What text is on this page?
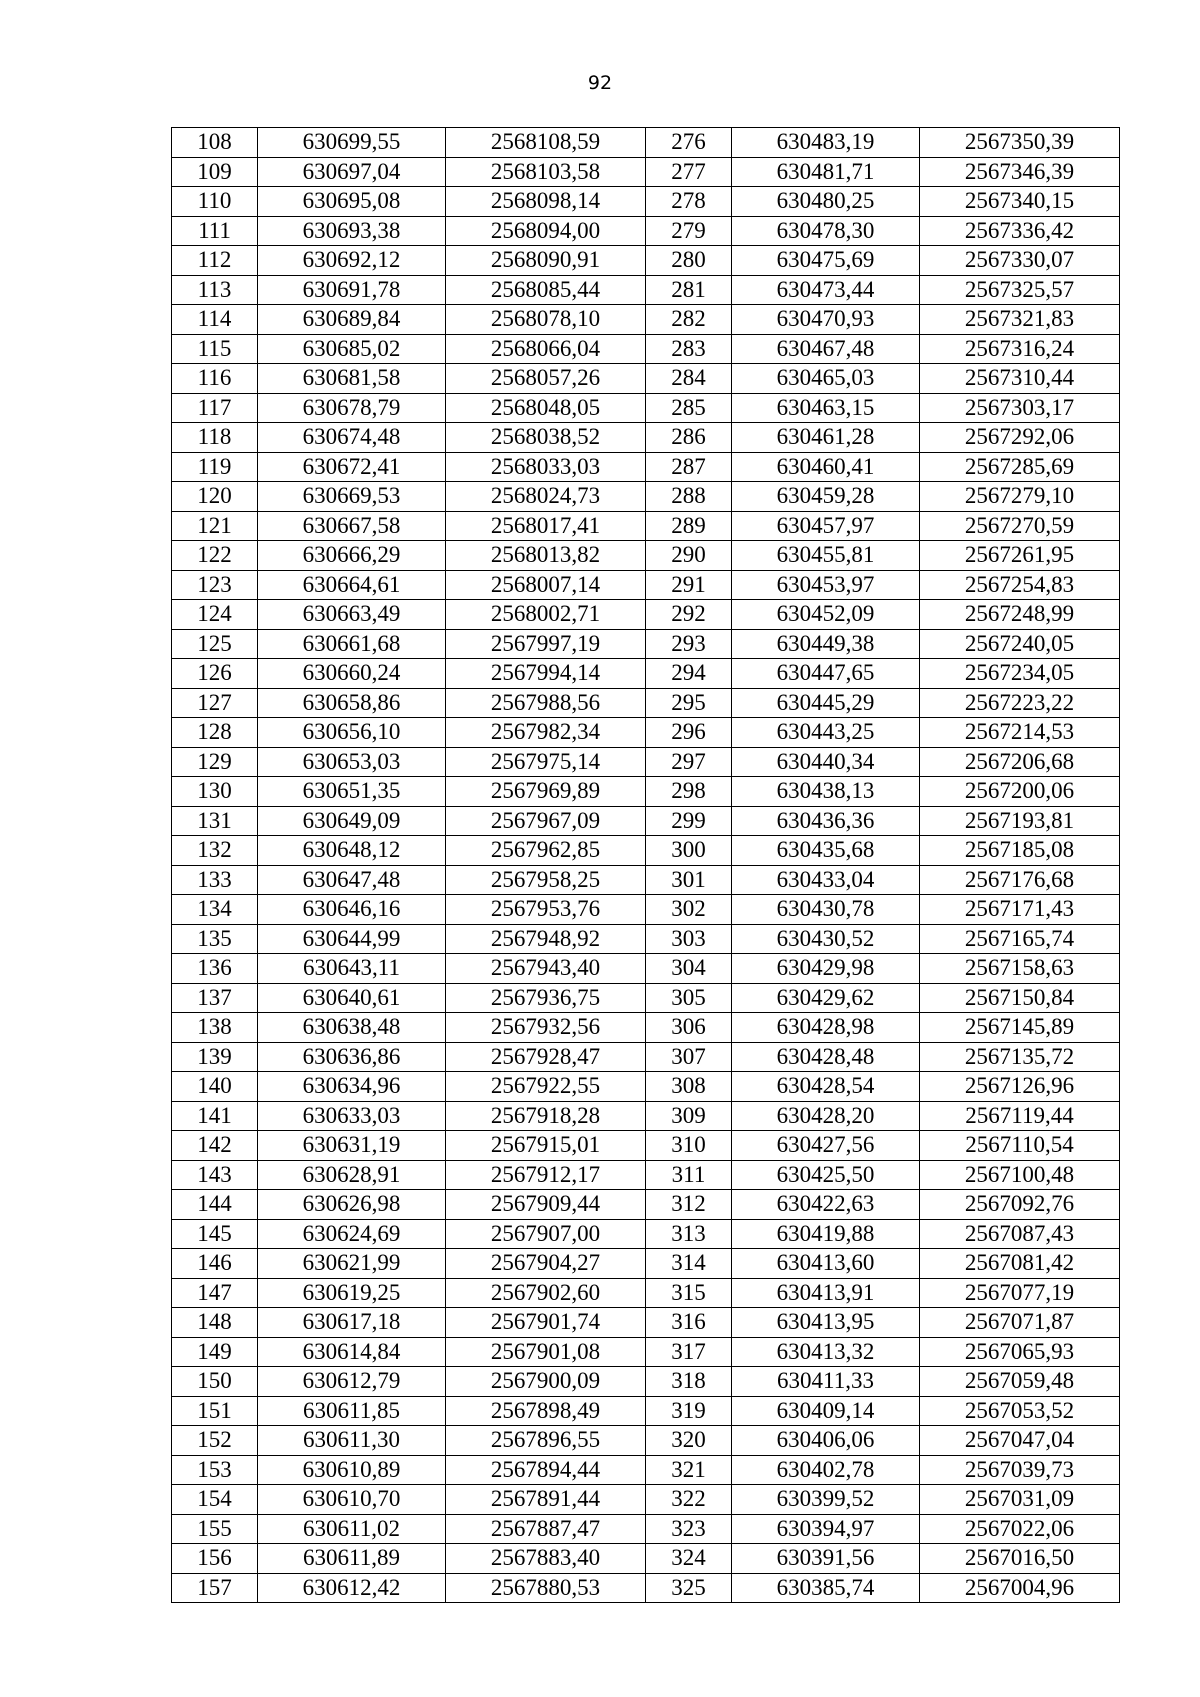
92
108	630699,55	2568108,59	276	630483,19	2567350,39
109	630697,04	2568103,58	277	630481,71	2567346,39
110	630695,08	2568098,14	278	630480,25	2567340,15
111	630693,38	2568094,00	279	630478,30	2567336,42
112	630692,12	2568090,91	280	630475,69	2567330,07
113	630691,78	2568085,44	281	630473,44	2567325,57
114	630689,84	2568078,10	282	630470,93	2567321,83
115	630685,02	2568066,04	283	630467,48	2567316,24
116	630681,58	2568057,26	284	630465,03	2567310,44
117	630678,79	2568048,05	285	630463,15	2567303,17
118	630674,48	2568038,52	286	630461,28	2567292,06
119	630672,41	2568033,03	287	630460,41	2567285,69
120	630669,53	2568024,73	288	630459,28	2567279,10
121	630667,58	2568017,41	289	630457,97	2567270,59
122	630666,29	2568013,82	290	630455,81	2567261,95
123	630664,61	2568007,14	291	630453,97	2567254,83
124	630663,49	2568002,71	292	630452,09	2567248,99
125	630661,68	2567997,19	293	630449,38	2567240,05
126	630660,24	2567994,14	294	630447,65	2567234,05
127	630658,86	2567988,56	295	630445,29	2567223,22
128	630656,10	2567982,34	296	630443,25	2567214,53
129	630653,03	2567975,14	297	630440,34	2567206,68
130	630651,35	2567969,89	298	630438,13	2567200,06
131	630649,09	2567967,09	299	630436,36	2567193,81
132	630648,12	2567962,85	300	630435,68	2567185,08
133	630647,48	2567958,25	301	630433,04	2567176,68
134	630646,16	2567953,76	302	630430,78	2567171,43
135	630644,99	2567948,92	303	630430,52	2567165,74
136	630643,11	2567943,40	304	630429,98	2567158,63
137	630640,61	2567936,75	305	630429,62	2567150,84
138	630638,48	2567932,56	306	630428,98	2567145,89
139	630636,86	2567928,47	307	630428,48	2567135,72
140	630634,96	2567922,55	308	630428,54	2567126,96
141	630633,03	2567918,28	309	630428,20	2567119,44
142	630631,19	2567915,01	310	630427,56	2567110,54
143	630628,91	2567912,17	311	630425,50	2567100,48
144	630626,98	2567909,44	312	630422,63	2567092,76
145	630624,69	2567907,00	313	630419,88	2567087,43
146	630621,99	2567904,27	314	630413,60	2567081,42
147	630619,25	2567902,60	315	630413,91	2567077,19
148	630617,18	2567901,74	316	630413,95	2567071,87
149	630614,84	2567901,08	317	630413,32	2567065,93
150	630612,79	2567900,09	318	630411,33	2567059,48
151	630611,85	2567898,49	319	630409,14	2567053,52
152	630611,30	2567896,55	320	630406,06	2567047,04
153	630610,89	2567894,44	321	630402,78	2567039,73
154	630610,70	2567891,44	322	630399,52	2567031,09
155	630611,02	2567887,47	323	630394,97	2567022,06
156	630611,89	2567883,40	324	630391,56	2567016,50
157	630612,42	2567880,53	325	630385,74	2567004,96
